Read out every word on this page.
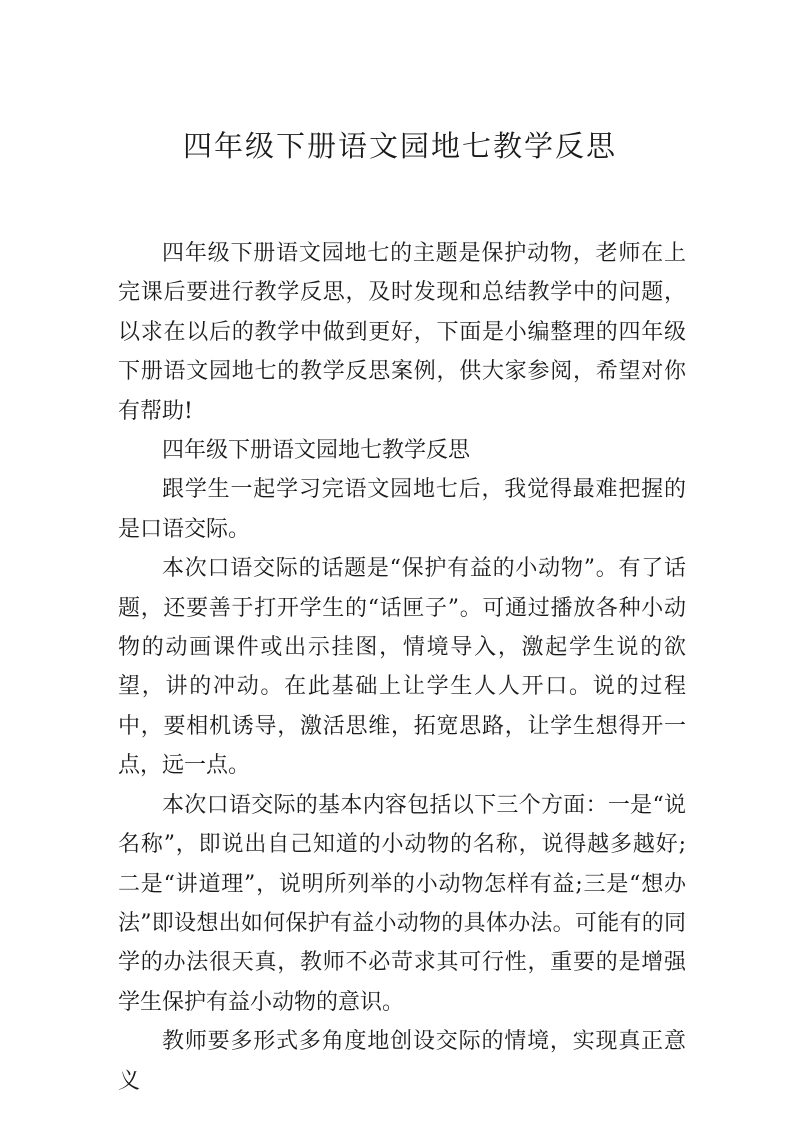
四年级下册语文园地七教学反思

四年级下册语文园地七的主题是保护动物，老师在上完课后要进行教学反思，及时发现和总结教学中的问题，以求在以后的教学中做到更好，下面是小编整理的四年级下册语文园地七的教学反思案例，供大家参阅，希望对你有帮助!

四年级下册语文园地七教学反思

跟学生一起学习完语文园地七后，我觉得最难把握的是口语交际。

本次口语交际的话题是“保护有益的小动物”。有了话题，还要善于打开学生的“话匣子”。可通过播放各种小动物的动画课件或出示挂图，情境导入，激起学生说的欲望，讲的冲动。在此基础上让学生人人开口。说的过程中，要相机诱导，激活思维，拓宽思路，让学生想得开一点，远一点。

本次口语交际的基本内容包括以下三个方面：一是“说名称”，即说出自己知道的小动物的名称，说得越多越好;二是“讲道理”，说明所列举的小动物怎样有益;三是“想办法”即设想出如何保护有益小动物的具体办法。可能有的同学的办法很天真，教师不必苛求其可行性，重要的是增强学生保护有益小动物的意识。

教师要多形式多角度地创设交际的情境，实现真正意义
